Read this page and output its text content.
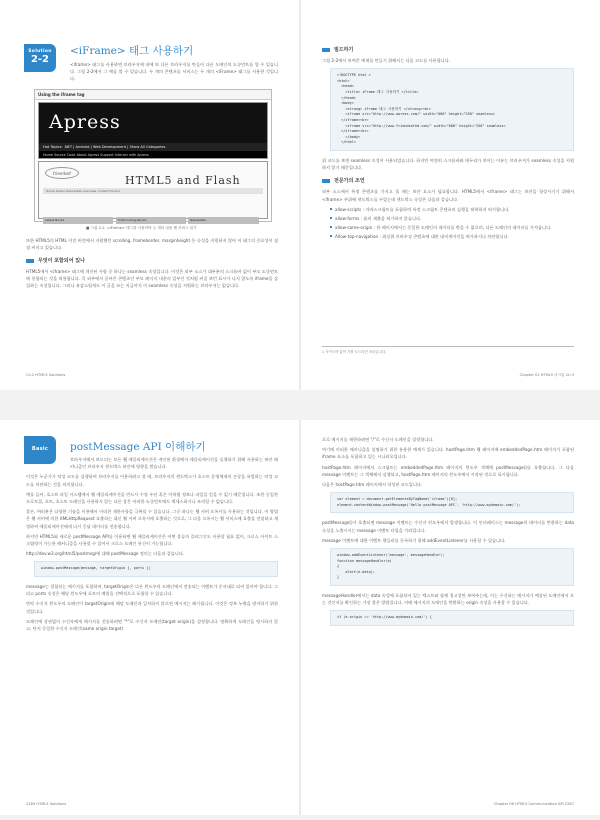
Solution
2-2
<iFrame> 태그 사용하기

<iframe> 태그를 사용하면 브라우저에 내에 또 다른 브라우저를 만들어 다른 도메인의 도큐먼트를 열 수 있습니다. 그림 2-2에서 그 예를 볼 수 있습니다. 두 개의 콘텐츠를 서비스는 두 개의 <iFrame> 태그를 사용한 것입니다.

Using the iframe tag
Apress
Hot Topics: .NET | Android | Web Development | Show All Categories
Home Source Code About Apress Support Interact with Apress
friendsof
HTML5 and Flash
Home books downloads overview contact forums
Latest Books	Forthcoming Books	Newsletter
■ 그림 2-2. <iFrame> 태그를 사용하여 두 개의 내용 웹 서비스 열기

또한 HTML5의 HTML 이전 버전에서 지원했던 scrolling, frameborder, marginheight 등 속성을 지원하지 않아 이 태그의 중요성이 점점 커지고 있습니다.

무엇이 포함되어 있나

HTML5에서 <iframe> 태그에 개인된 사항 중 하나는 seamless 속성입니다. 이것은 외부 소스가 대부분의 스크롤바 없이 부모 도큐먼트에 통합되는 것을 허용합니다. 즉 외부에서 끌어온 콘텐츠인 부모 페이지 내용의 일부인 것처럼 커질 보던 표시가 나지 않도록 iframe을 삽입하는 속성입니다. 그러나 유감스럽게도 이 글을 쓰는 지금까지 이 seamless 속성을 지원하는 브라우저는 없습니다.

빌드하기

그림 2-2에서 보여준 예제를 만들기 위해서는 다음 코드를 사용합니다.

<!DOCTYPE html >
<html>
<head>
<title> iFrame 태그 사용하기 </title>
</head>
<body>
<strong> iFrame 태그 사용하기 </strong><br>
<iframe src="http://www.apress.com/" width="680" height="250" seamless>
</iframe><br>
<iframe src="http://www.friendsofed.com/" width="680" height="250" seamless>
</iframe><br>
</body>
</html>

위 코드를 보면 seamless 속성이 사용되었습니다. 하지만 여전히 스크롤바와 테두리가 보이는 이유는 브라우저가 seamless 속성을 지원하지 않기 때문입니다.

전문가의 조언

외부 소스에서 특정 콘텐츠를 가지고 올 때는 보안 요소가 필요합니다. HTML5에서 <iframe> 태그는 보안을 향상시키기 위해서 <iframe> 주위에 샌드박스를 두었는데 샌드박스 속성은 다음과 같습니다.

allow-scripts : 자바스크립트를 포함하여 특정 스크립트 콘텐츠의 실행을 허락하지 허가합니다.
allow-forms : 폼의 제출을 허가하지 않습니다.
allow-same-origin : 한 페이지에서는 동일한 도메인의 데이터를 받을 수 없으며, 다른 도메인의 데이터를 가져옵니다.
Allow-top-navigation : 최상위 브라우징 콘텐츠에 대한 네비게이션을 허가하거나 차단합니다.
1 사이드바 없이 가장 도드라진 처리입니다.
Ch.2 HTML5 Solutions	Chapter 01 HTML5 마크업 Ch.3
Basic	postMessage API 이해하기

브라우저에서 보드되는 모든 웹 애플리케이션은 개인된 환경에서 애플리케이션을 실행하기 위해 사용하는 보안 메커니즘인 브라우저 샌드박스 보안에 영향을 받습니다.

이것은 누군가가 악성 코드를 실행하여 브라우저를 이용하려고 할 때, 브라우저의 샌드박스가 호스트 운영체제의 손상을 유발하는 악성 코드를 차단하는 것을 의미합니다.

예를 들어, 호스트 파일 시스템에서 웹 애플리케이션을 반드시 수정 우선 혹은 이처럼 정보나 파일을 얻을 수 없기 때문입니다. 또한 동일한 프로토콜, 포트, 호스트 도메인을 사용하지 않는 다른 창은 어떠한 도큐먼트에도 액세스하거나 조작할 수 없습니다.

물론, 여러분은 다양한 기술을 이용해서 이러한 제한사항을 극복할 수 있습니다. 그중 하나는 웹 서버 프록시를 사용하는 것입니다. 이 방법은 웹 서버에 의한 XMLHttpRequest 호출하는 대신 웹 서버 프록시에 호출하는 것으로, 그 다음 프록시는 웹 서비스에 호출을 전달하고 재정하여 애플리케이션에게 다시 응답 데이터를 전송합니다.

하지만 HTML5와 새로운 postMessage API를 이용하면 웹 애플리케이션은 어떤 종류의 플러그인도 사용할 필요 없이, 크로스 사이트 스크립팅이 가능한 메커니즘을 사용할 수 있어서 크로스 도메인 통신이 가능합니다.

http://dev.w3.org/html5/postmsg/에 대해 postMessage 정의는 다음과 같습니다.

window.postMessage(message, targetOrigin [, ports ])

message는 결합되는 메시지를 포함하며, targetOrigin은 다른 윈도우의 도메인에서 전송되는 이벤트가 순서대로 되어 있어야 합니다. 그리고 ports 속성은 해당 윈도우에 포트의 배열을 선택적으로 포함할 수 있습니다.

만약 수신자 윈도우의 도메인이 targetOrigin에 해당 도메인과 일치하지 않으면 메시지는 폐기됩니다. 이것은 정보 누출을 방지하기 위한 것입니다.

도메인에 상관없이 수신자에게 메시지를 전송하려면 "*"로 수신자 도메인(target origin)을 설정합니다. 명확하게 도메인을 명시하지 않고, 단지 동일한 수신자 도메인(same origin target)

으로 메시지를 제한하려면 "/"로 수신자 도메인을 설정합니다.

여기에 이러한 메커니즘을 설명하기 위한 유용한 예제가 있습니다. hostPage.htm 웹 페이지에 embeddedPage.htm 페이지가 포함된 iframe 요소를 포함하고 있는 시나리오입니다.

hostPage.htm 페이지에서 스크립트는 embeddedPage.htm 페이지의 윈도우 객체에 postMessage()를 호출합니다. 그 다음 message 이벤트는 그 객체에서 실행되고, hostPage.htm 페이지의 윈도우에서 시작된 것으로 표시됩니다.

다음은 hostPage.htm 페이지에서 작성된 코드입니다.

var element = document.getElementsByTagName('iframe')[0];
element.contentWindow.postMessage('Hello postMessage API', 'http://www.mydomain.com/');

postMessage()가 호출되면 message 이벤트는 수신자 윈도우에서 발생합니다. 이 인터페이스는 message의 데이터를 반환하는 data 속성을 노출시키는 message 이벤트 타입을 가리킵니다.

message 이벤트에 대한 이벤트 핸들러를 등록하기 위해 addEventListener를 사용할 수 있습니다.

window.addEventListener('message', messageHandler);
function messageHandler(e)
{
alert(e.data);
}

messageHandler에서는 data 속성에 포함되어 있는 텍스트와 함께 경고창만 보여주는데, 이는 수신하는 메시지가 예상된 도메인에서 오는 것인지를 확인하는 가장 좋은 방법입니다. 이때 메시지의 도메인을 반환하는 origin 속성을 사용할 수 있습니다.

if (e.origin == 'http://www.mydomain.com/') {
2283 HTML5 Solutions	Chapter 06 HTML5 Communication API 2287
